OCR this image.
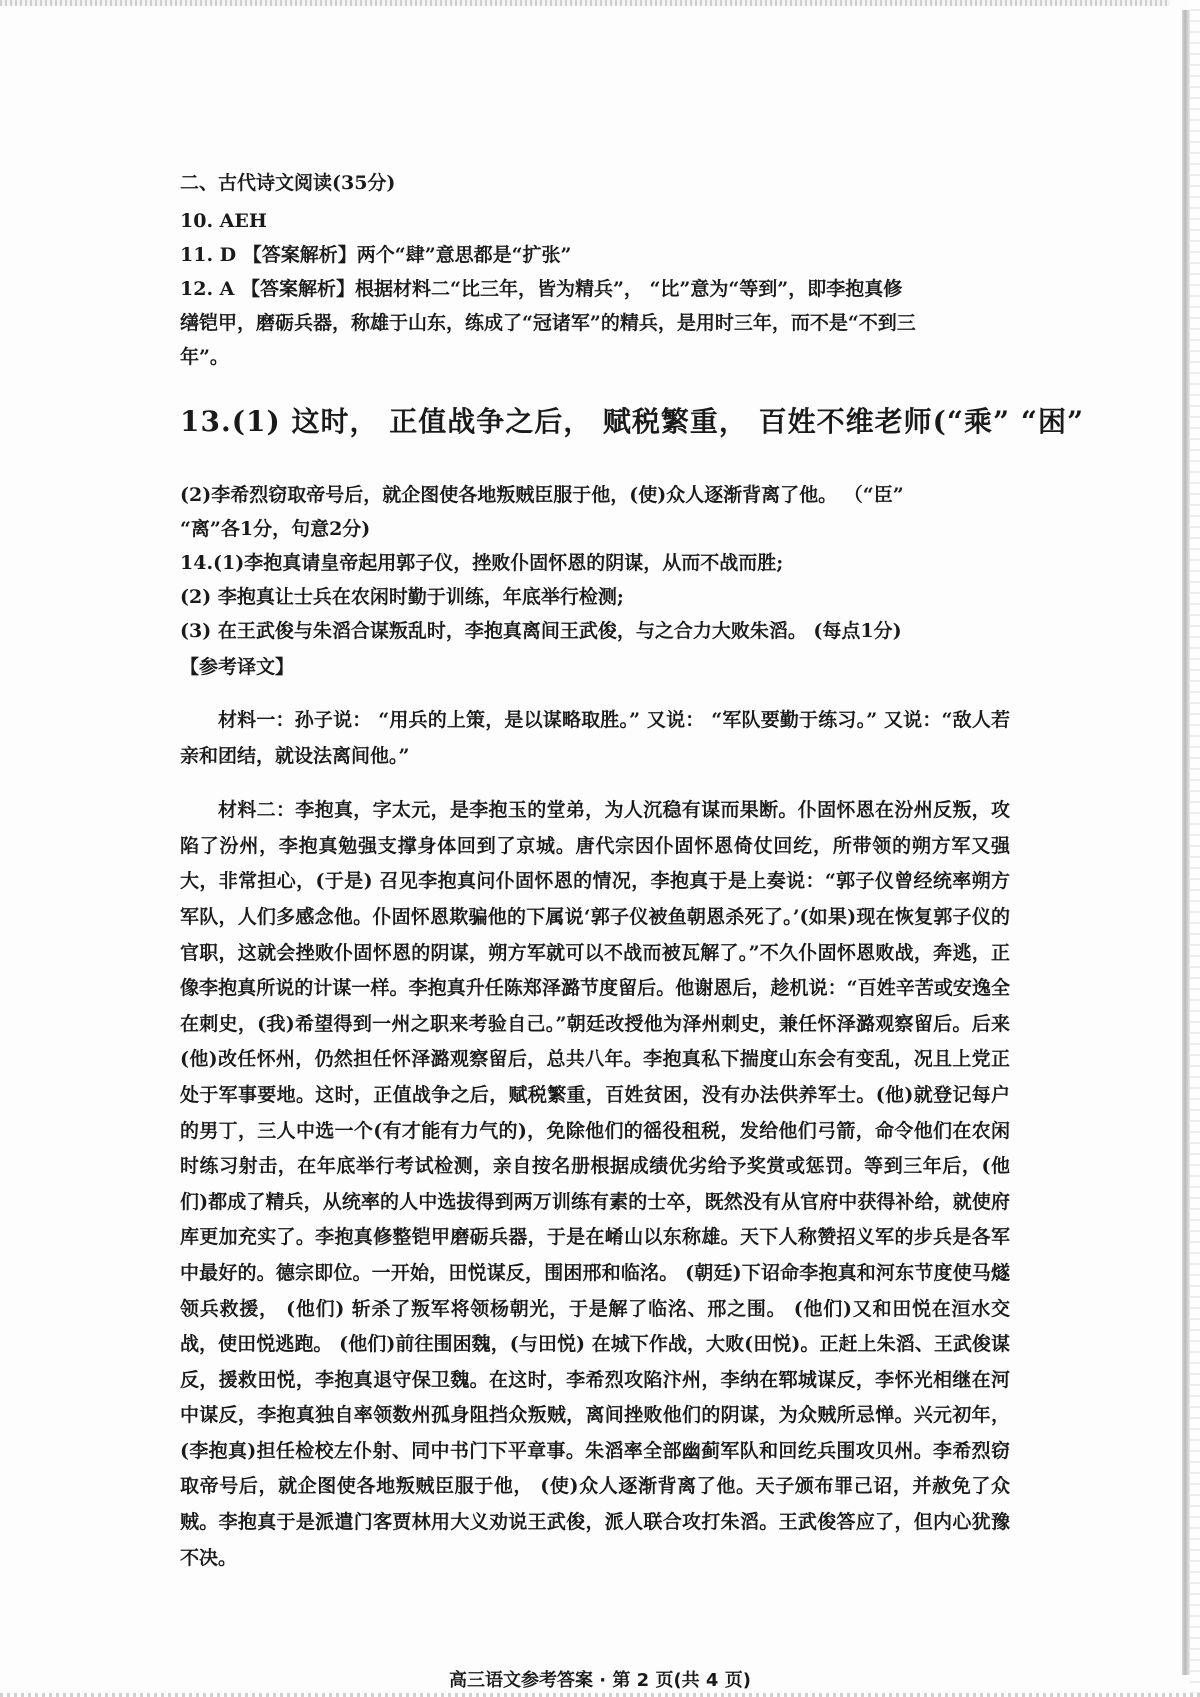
二、古代诗文阅读(35分)

10. AEH

11. D 【答案解析】两个“肆”意思都是“扩张”

12. A 【答案解析】根据材料二“比三年，皆为精兵”， “比”意为“等到”，即李抱真修

缮铠甲，磨砺兵器，称雄于山东，练成了“冠诸军”的精兵，是用时三年，而不是“不到三

年”。

13.(1) 这时， 正值战争之后， 赋税繁重， 百姓不维老师(“乘” “困”

(2)李希烈窃取帝号后，就企图使各地叛贼臣服于他，(使)众人逐渐背离了他。 （“臣”

“离”各1分，句意2分)

14.(1)李抱真请皇帝起用郭子仪，挫败仆固怀恩的阴谋，从而不战而胜;

(2) 李抱真让士兵在农闲时勤于训练，年底举行检测;

(3) 在王武俊与朱滔合谋叛乱时，李抱真离间王武俊，与之合力大败朱滔。 (每点1分)

【参考译文】

材料一：孙子说： “用兵的上策，是以谋略取胜。” 又说： “军队要勤于练习。” 又说：“敌人若亲和团结，就设法离间他。”

材料二：李抱真，字太元，是李抱玉的堂弟，为人沉稳有谋而果断。仆固怀恩在汾州反叛，攻陷了汾州，李抱真勉强支撑身体回到了京城。唐代宗因仆固怀恩倚仗回纥，所带领的朔方军又强大，非常担心，(于是) 召见李抱真问仆固怀恩的情况，李抱真于是上奏说：“郭子仪曾经统率朔方军队，人们多感念他。仆固怀恩欺骗他的下属说‘郭子仪被鱼朝恩杀死了。’(如果)现在恢复郭子仪的官职，这就会挫败仆固怀恩的阴谋，朔方军就可以不战而被瓦解了。”不久仆固怀恩败战，奔逃，正像李抱真所说的计谋一样。李抱真升任陈郑泽潞节度留后。他谢恩后，趁机说：“百姓辛苦或安逸全在刺史，(我)希望得到一州之职来考验自己。”朝廷改授他为泽州刺史，兼任怀泽潞观察留后。后来(他)改任怀州，仍然担任怀泽潞观察留后，总共八年。李抱真私下揣度山东会有变乱，况且上党正处于军事要地。这时，正值战争之后，赋税繁重，百姓贫困，没有办法供养军士。(他)就登记每户的男丁，三人中选一个(有才能有力气的)，免除他们的徭役租税，发给他们弓箭，命令他们在农闲时练习射击，在年底举行考试检测，亲自按名册根据成绩优劣给予奖赏或惩罚。等到三年后，(他们)都成了精兵，从统率的人中选拔得到两万训练有素的士卒，既然没有从官府中获得补给，就使府库更加充实了。李抱真修整铠甲磨砺兵器，于是在崤山以东称雄。天下人称赞招义军的步兵是各军中最好的。德宗即位。一开始，田悦谋反，围困邢和临洺。 (朝廷)下诏命李抱真和河东节度使马燧领兵救援， (他们) 斩杀了叛军将领杨朝光，于是解了临洺、邢之围。 (他们)又和田悦在洹水交战，使田悦逃跑。 (他们)前往围困魏，(与田悦) 在城下作战，大败(田悦)。正赶上朱滔、王武俊谋反，援救田悦，李抱真退守保卫魏。在这时，李希烈攻陷汴州，李纳在郓城谋反，李怀光相继在河中谋反，李抱真独自率领数州孤身阻挡众叛贼，离间挫败他们的阴谋，为众贼所忌惮。兴元初年，(李抱真)担任检校左仆射、同中书门下平章事。朱滔率全部幽蓟军队和回纥兵围攻贝州。李希烈窃取帝号后，就企图使各地叛贼臣服于他， (使)众人逐渐背离了他。天子颁布罪己诏，并赦免了众贼。李抱真于是派遣门客贾林用大义劝说王武俊，派人联合攻打朱滔。王武俊答应了，但内心犹豫不决。

高三语文参考答案 · 第 2 页(共 4 页)
